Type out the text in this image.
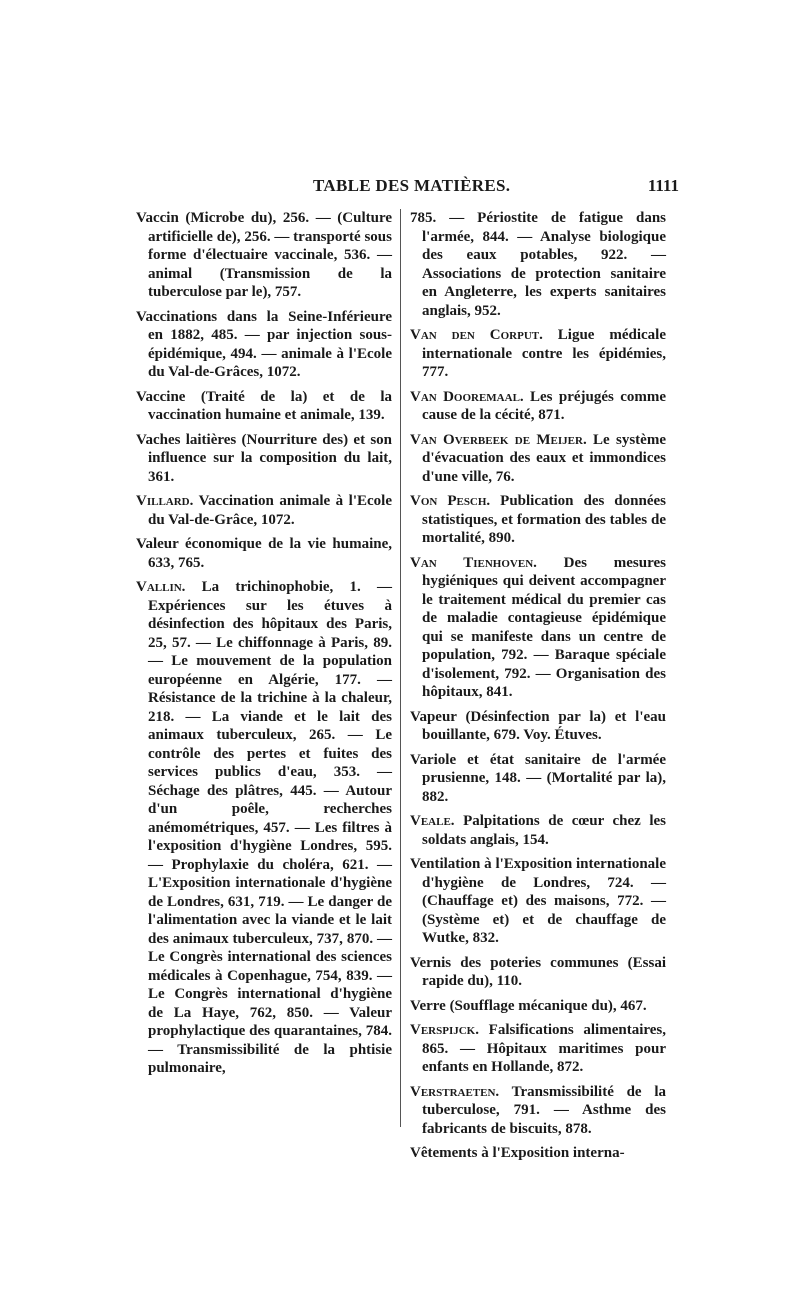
TABLE DES MATIÈRES.	1111

Vaccin (Microbe du), 256. — (Culture artificielle de), 256. — transporté sous forme d'électuaire vaccinale, 536. — animal (Transmission de la tuberculose par le), 757.

Vaccinations dans la Seine-Inférieure en 1882, 485. — par injection sous-épidémique, 494. — animale à l'Ecole du Val-de-Grâces, 1072.

Vaccine (Traité de la) et de la vaccination humaine et animale, 139.

Vaches laitières (Nourriture des) et son influence sur la composition du lait, 361.

Villard. Vaccination animale à l'Ecole du Val-de-Grâce, 1072.

Valeur économique de la vie humaine, 633, 765.

Vallin. La trichinophobie, 1. — Expériences sur les étuves à désinfection des hôpitaux des Paris, 25, 57. — Le chiffonnage à Paris, 89. — Le mouvement de la population européenne en Algérie, 177. — Résistance de la trichine à la chaleur, 218. — La viande et le lait des animaux tuberculeux, 265. — Le contrôle des pertes et fuites des services publics d'eau, 353. — Séchage des plâtres, 445. — Autour d'un poêle, recherches anémométriques, 457. — Les filtres à l'exposition d'hygiène Londres, 595. — Prophylaxie du choléra, 621. — L'Exposition internationale d'hygiène de Londres, 631, 719. — Le danger de l'alimentation avec la viande et le lait des animaux tuberculeux, 737, 870. — Le Congrès international des sciences médicales à Copenhague, 754, 839. — Le Congrès international d'hygiène de La Haye, 762, 850. — Valeur prophylactique des quarantaines, 784. — Transmissibilité de la phtisie pulmonaire,

785. — Périostite de fatigue dans l'armée, 844. — Analyse biologique des eaux potables, 922. — Associations de protection sanitaire en Angleterre, les experts sanitaires anglais, 952.

Van den Corput. Ligue médicale internationale contre les épidémies, 777.

Van Dooremaal. Les préjugés comme cause de la cécité, 871.

Van Overbeek de Meijer. Le système d'évacuation des eaux et immondices d'une ville, 76.

Von Pesch. Publication des données statistiques, et formation des tables de mortalité, 890.

Van Tienhoven. Des mesures hygiéniques qui deivent accompagner le traitement médical du premier cas de maladie contagieuse épidémique qui se manifeste dans un centre de population, 792. — Baraque spéciale d'isolement, 792. — Organisation des hôpitaux, 841.

Vapeur (Désinfection par la) et l'eau bouillante, 679. Voy. Étuves.

Variole et état sanitaire de l'armée prusienne, 148. — (Mortalité par la), 882.

Veale. Palpitations de cœur chez les soldats anglais, 154.

Ventilation à l'Exposition internationale d'hygiène de Londres, 724. — (Chauffage et) des maisons, 772. — (Système et) et de chauffage de Wutke, 832.

Vernis des poteries communes (Essai rapide du), 110.

Verre (Soufflage mécanique du), 467.

Verspijck. Falsifications alimentaires, 865. — Hôpitaux maritimes pour enfants en Hollande, 872.

Verstraeten. Transmissibilité de la tuberculose, 791. — Asthme des fabricants de biscuits, 878.

Vêtements à l'Exposition interna-
